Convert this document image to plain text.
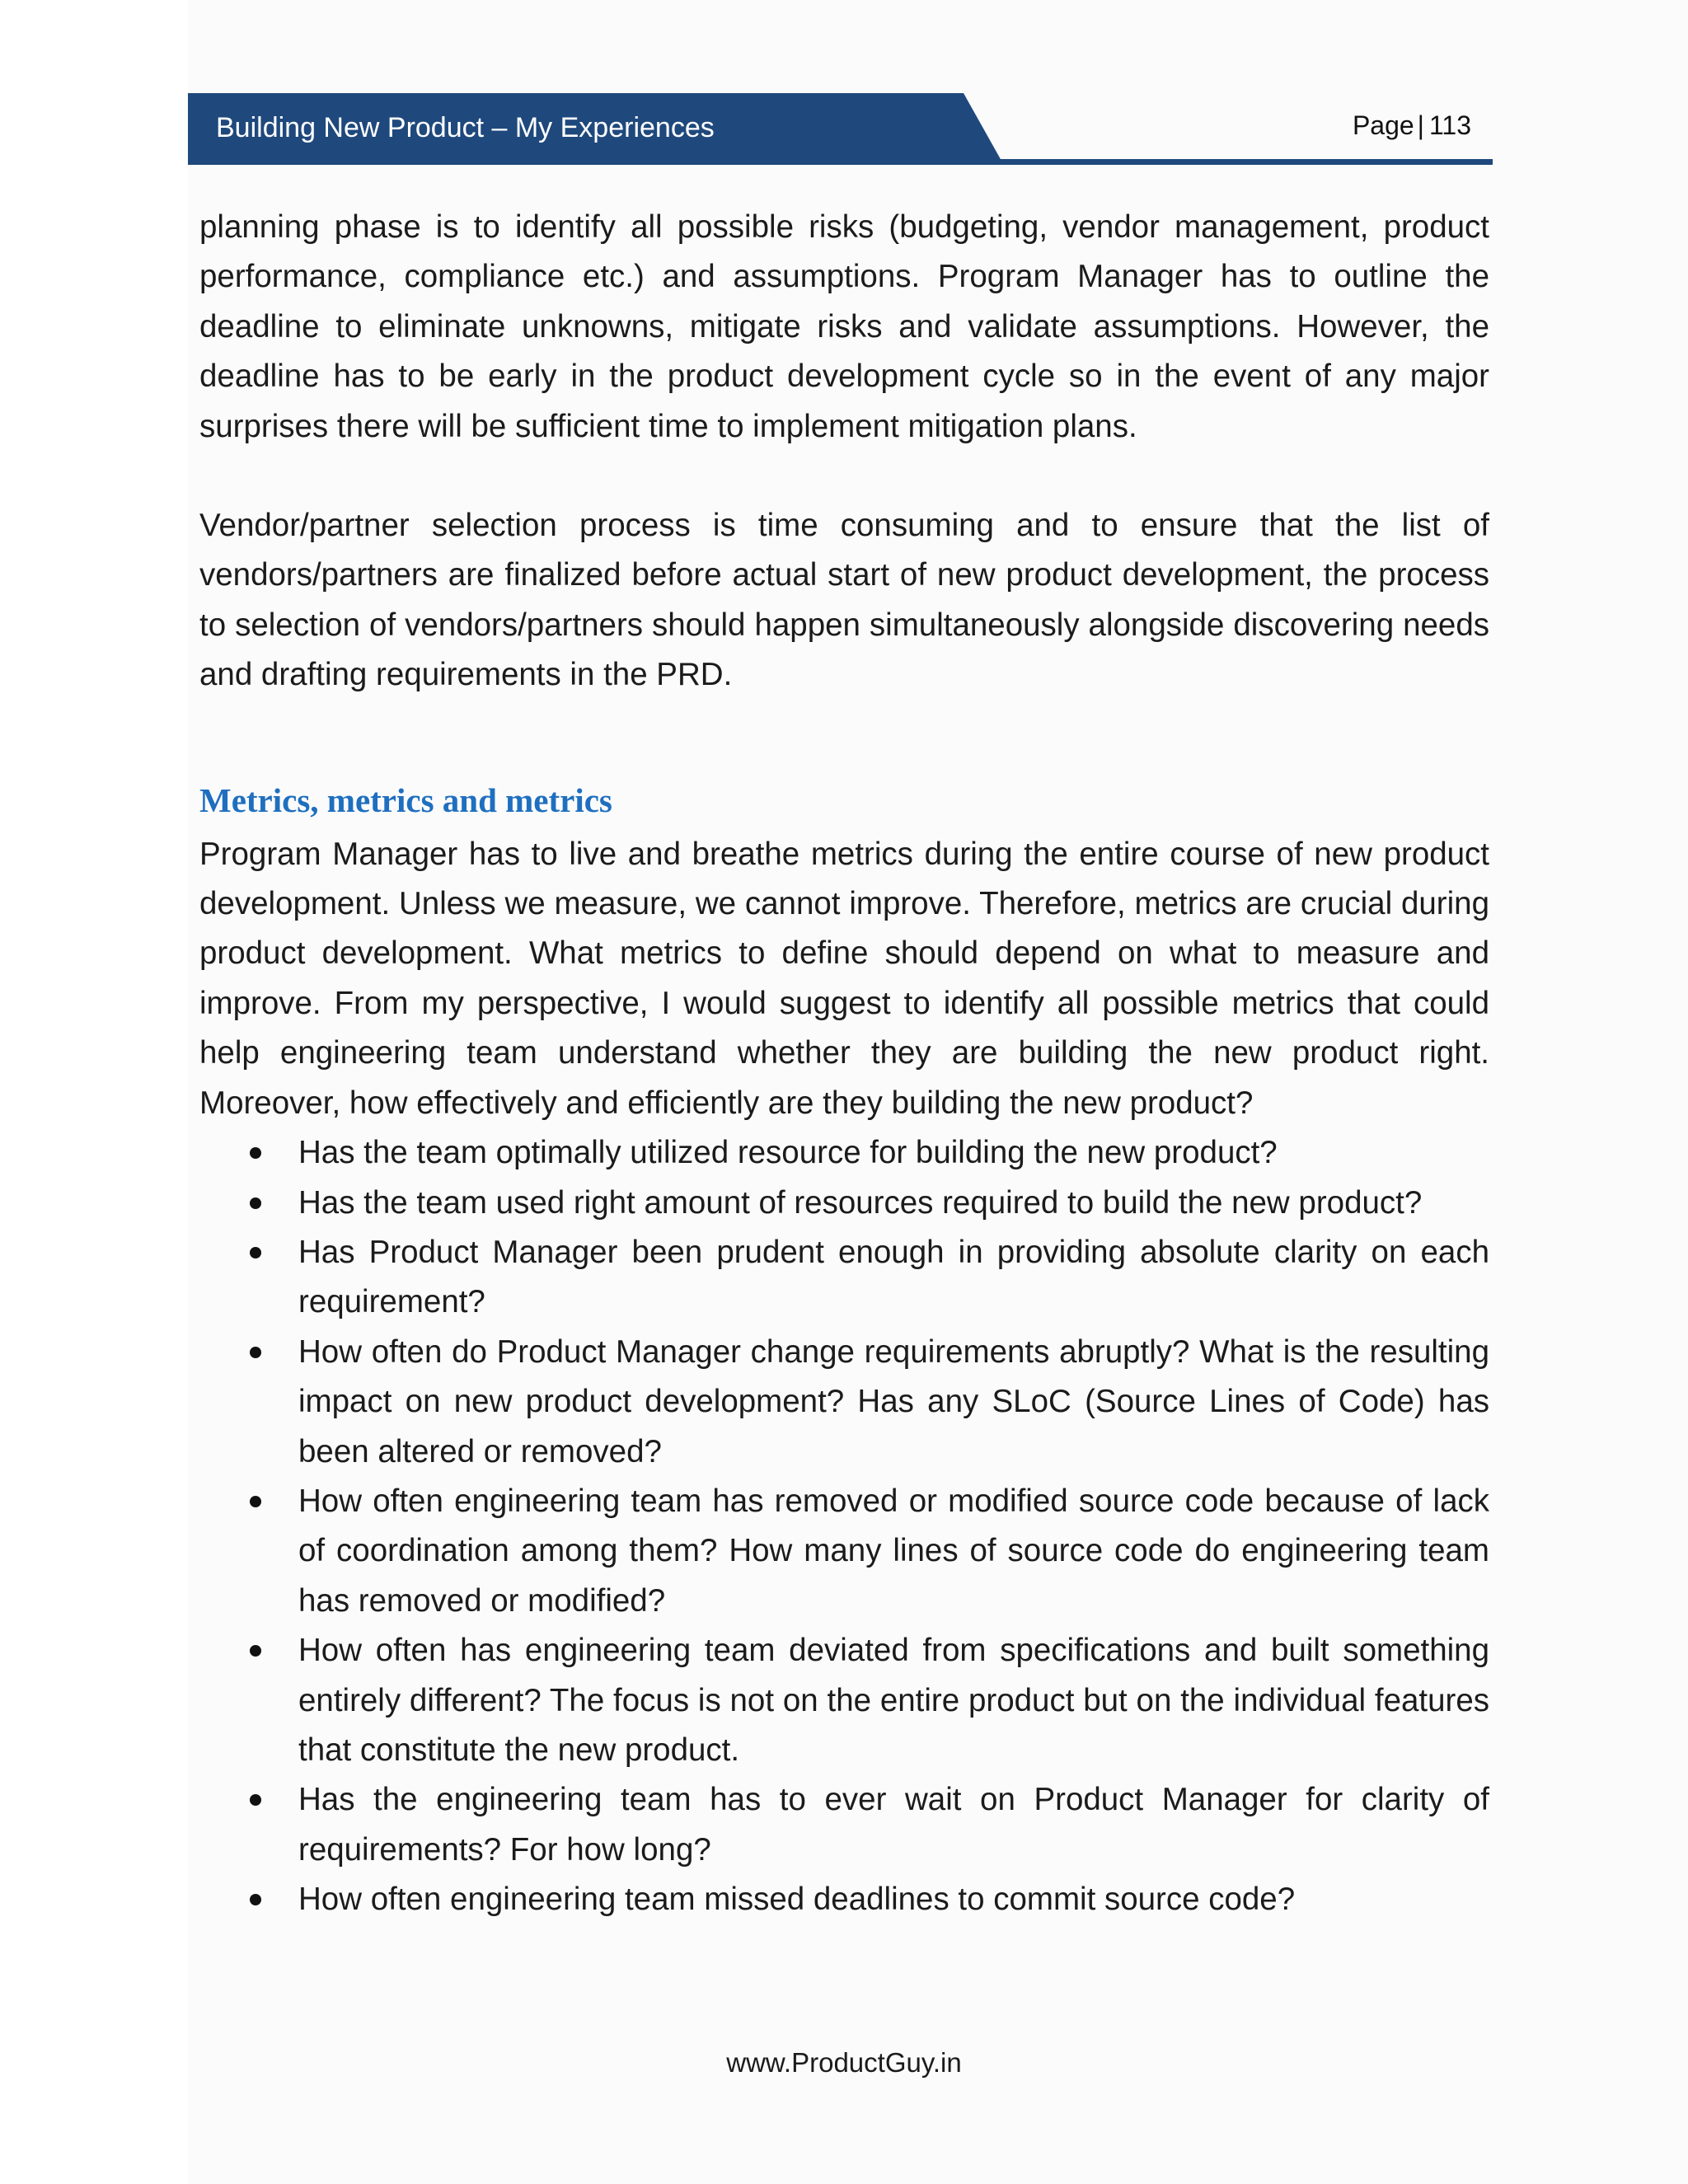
Building New Product – My Experiences	Page | 113

planning phase is to identify all possible risks (budgeting, vendor management, product performance, compliance etc.) and assumptions. Program Manager has to outline the deadline to eliminate unknowns, mitigate risks and validate assumptions. However, the deadline has to be early in the product development cycle so in the event of any major surprises there will be sufficient time to implement mitigation plans.

Vendor/partner selection process is time consuming and to ensure that the list of vendors/partners are finalized before actual start of new product development, the process to selection of vendors/partners should happen simultaneously alongside discovering needs and drafting requirements in the PRD.

Metrics, metrics and metrics

Program Manager has to live and breathe metrics during the entire course of new product development. Unless we measure, we cannot improve. Therefore, metrics are crucial during product development. What metrics to define should depend on what to measure and improve. From my perspective, I would suggest to identify all possible metrics that could help engineering team understand whether they are building the new product right. Moreover, how effectively and efficiently are they building the new product?

Has the team optimally utilized resource for building the new product?
Has the team used right amount of resources required to build the new product?
Has Product Manager been prudent enough in providing absolute clarity on each requirement?
How often do Product Manager change requirements abruptly? What is the resulting impact on new product development? Has any SLoC (Source Lines of Code) has been altered or removed?
How often engineering team has removed or modified source code because of lack of coordination among them? How many lines of source code do engineering team has removed or modified?
How often has engineering team deviated from specifications and built something entirely different? The focus is not on the entire product but on the individual features that constitute the new product.
Has the engineering team has to ever wait on Product Manager for clarity of requirements? For how long?
How often engineering team missed deadlines to commit source code?
www.ProductGuy.in
